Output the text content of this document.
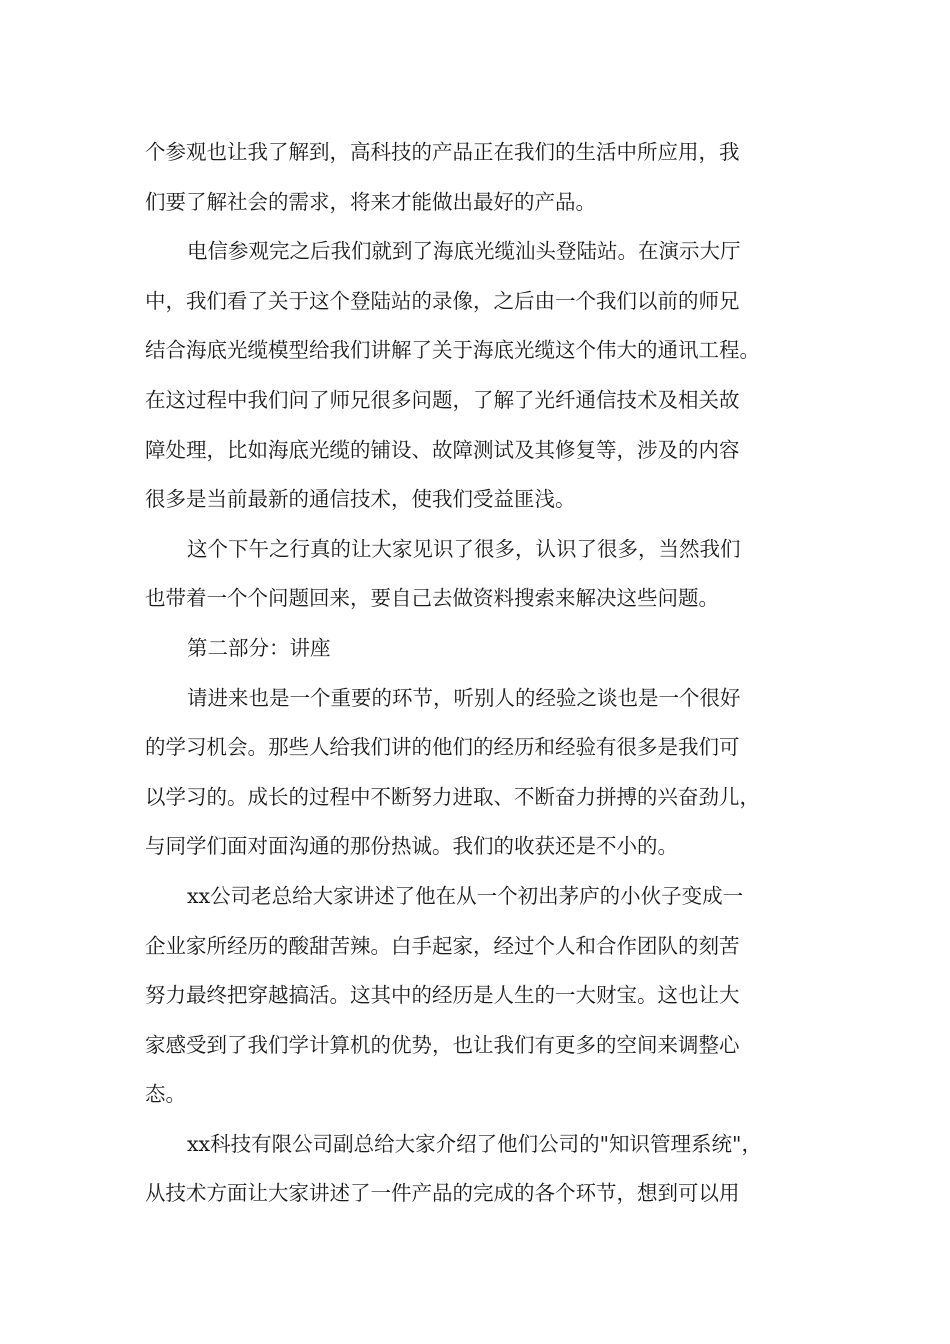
个参观也让我了解到，高科技的产品正在我们的生活中所应用，我
们要了解社会的需求，将来才能做出最好的产品。
电信参观完之后我们就到了海底光缆汕头登陆站。在演示大厅
中，我们看了关于这个登陆站的录像，之后由一个我们以前的师兄
结合海底光缆模型给我们讲解了关于海底光缆这个伟大的通讯工程。
在这过程中我们问了师兄很多问题，了解了光纤通信技术及相关故
障处理，比如海底光缆的铺设、故障测试及其修复等，涉及的内容
很多是当前最新的通信技术，使我们受益匪浅。
这个下午之行真的让大家见识了很多，认识了很多，当然我们
也带着一个个问题回来，要自己去做资料搜索来解决这些问题。
第二部分：讲座
请进来也是一个重要的环节，听别人的经验之谈也是一个很好
的学习机会。那些人给我们讲的他们的经历和经验有很多是我们可
以学习的。成长的过程中不断努力进取、不断奋力拼搏的兴奋劲儿，
与同学们面对面沟通的那份热诚。我们的收获还是不小的。
xx公司老总给大家讲述了他在从一个初出茅庐的小伙子变成一
企业家所经历的酸甜苦辣。白手起家，经过个人和合作团队的刻苦
努力最终把穿越搞活。这其中的经历是人生的一大财宝。这也让大
家感受到了我们学计算机的优势，也让我们有更多的空间来调整心
态。
xx科技有限公司副总给大家介绍了他们公司的"知识管理系统"，
从技术方面让大家讲述了一件产品的完成的各个环节，想到可以用
